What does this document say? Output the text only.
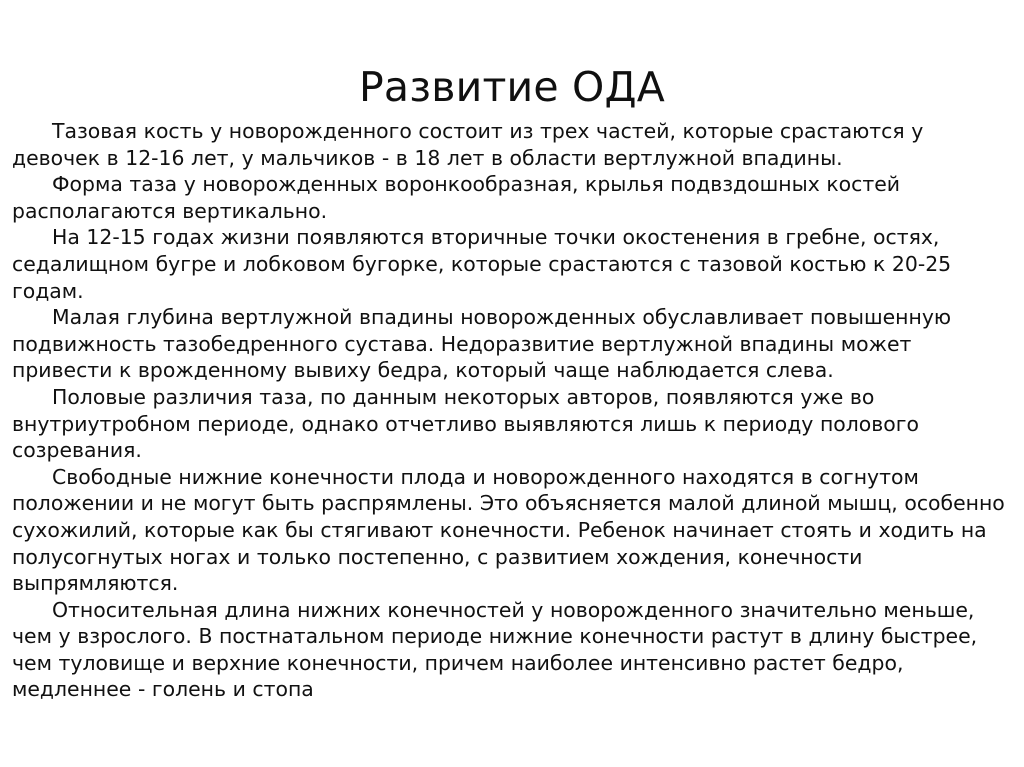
Развитие ОДА

Тазовая кость у новорожденного состоит из трех частей, которые срастаются у девочек в 12-16 лет, у мальчиков - в 18 лет в области вертлужной впадины.

Форма таза у новорожденных воронкообразная, крылья подвздошных костей располагаются вертикально.

На 12-15 годах жизни появляются вторичные точки окостенения в гребне, остях, седалищном бугре и лобковом бугорке, которые срастаются с тазовой костью к 20-25 годам.

Малая глубина вертлужной впадины новорожденных обуславливает повышенную подвижность тазобедренного сустава. Недоразвитие вертлужной впадины может привести к врожденному вывиху бедра, который чаще наблюдается слева.

Половые различия таза, по данным некоторых авторов, появляются уже во внутриутробном периоде, однако отчетливо выявляются лишь к периоду полового созревания.

Свободные нижние конечности плода и новорожденного находятся в согнутом положении и не могут быть распрямлены. Это объясняется малой длиной мышц, особенно сухожилий, которые как бы стягивают конечности. Ребенок начинает стоять и ходить на полусогнутых ногах и только постепенно, с развитием хождения, конечности выпрямляются.

Относительная длина нижних конечностей у новорожденного значительно меньше, чем у взрослого. В постнатальном периоде нижние конечности растут в длину быстрее, чем туловище и верхние конечности, причем наиболее интенсивно растет бедро, медленнее - голень и стопа
